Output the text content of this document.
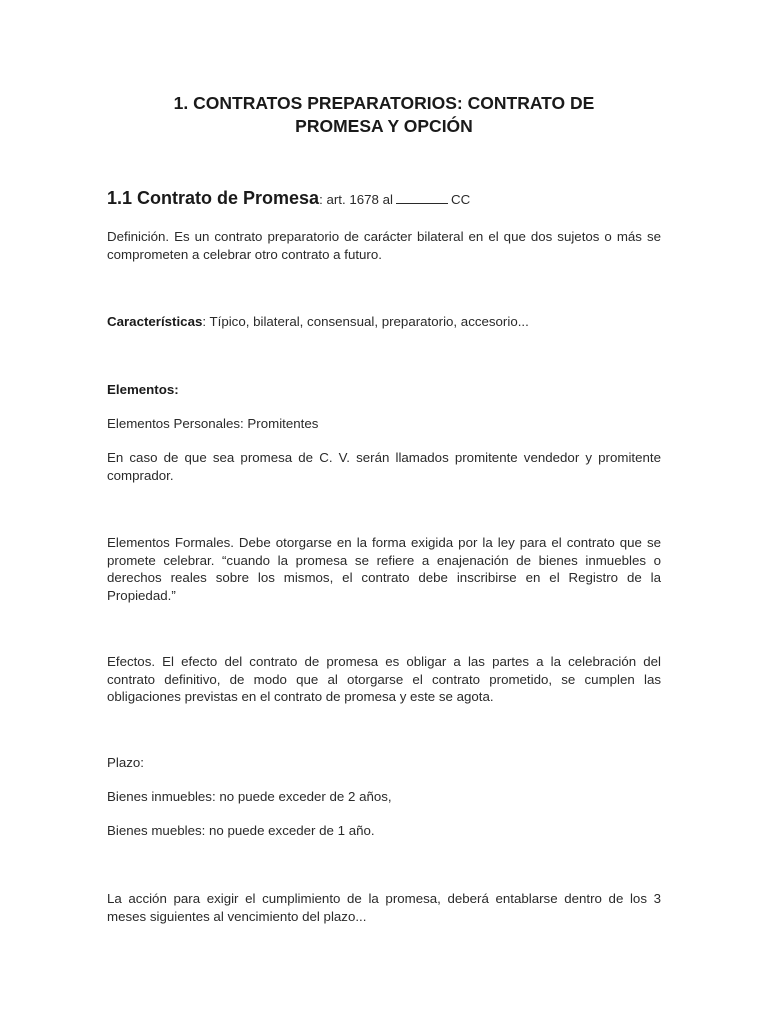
1. CONTRATOS PREPARATORIOS: CONTRATO DE
PROMESA Y OPCIÓN
1.1 Contrato de Promesa: art. 1678 al	CC
Definición. Es un contrato preparatorio de carácter bilateral en el que dos sujetos o más se comprometen a celebrar otro contrato a futuro.
Características: Típico, bilateral, consensual, preparatorio, accesorio...
Elementos:
Elementos Personales: Promitentes
En caso de que sea promesa de C. V. serán llamados promitente vendedor y promitente comprador.
Elementos Formales. Debe otorgarse en la forma exigida por la ley para el contrato que se promete celebrar. “cuando la promesa se refiere a enajenación de bienes inmuebles o derechos reales sobre los mismos, el contrato debe inscribirse en el Registro de la Propiedad.”
Efectos. El efecto del contrato de promesa es obligar a las partes a la celebración del contrato definitivo, de modo que al otorgarse el contrato prometido, se cumplen las obligaciones previstas en el contrato de promesa y este se agota.
Plazo:
Bienes inmuebles: no puede exceder de 2 años,
Bienes muebles: no puede exceder de 1 año.
La acción para exigir el cumplimiento de la promesa, deberá entablarse dentro de los 3 meses siguientes al vencimiento del plazo...
